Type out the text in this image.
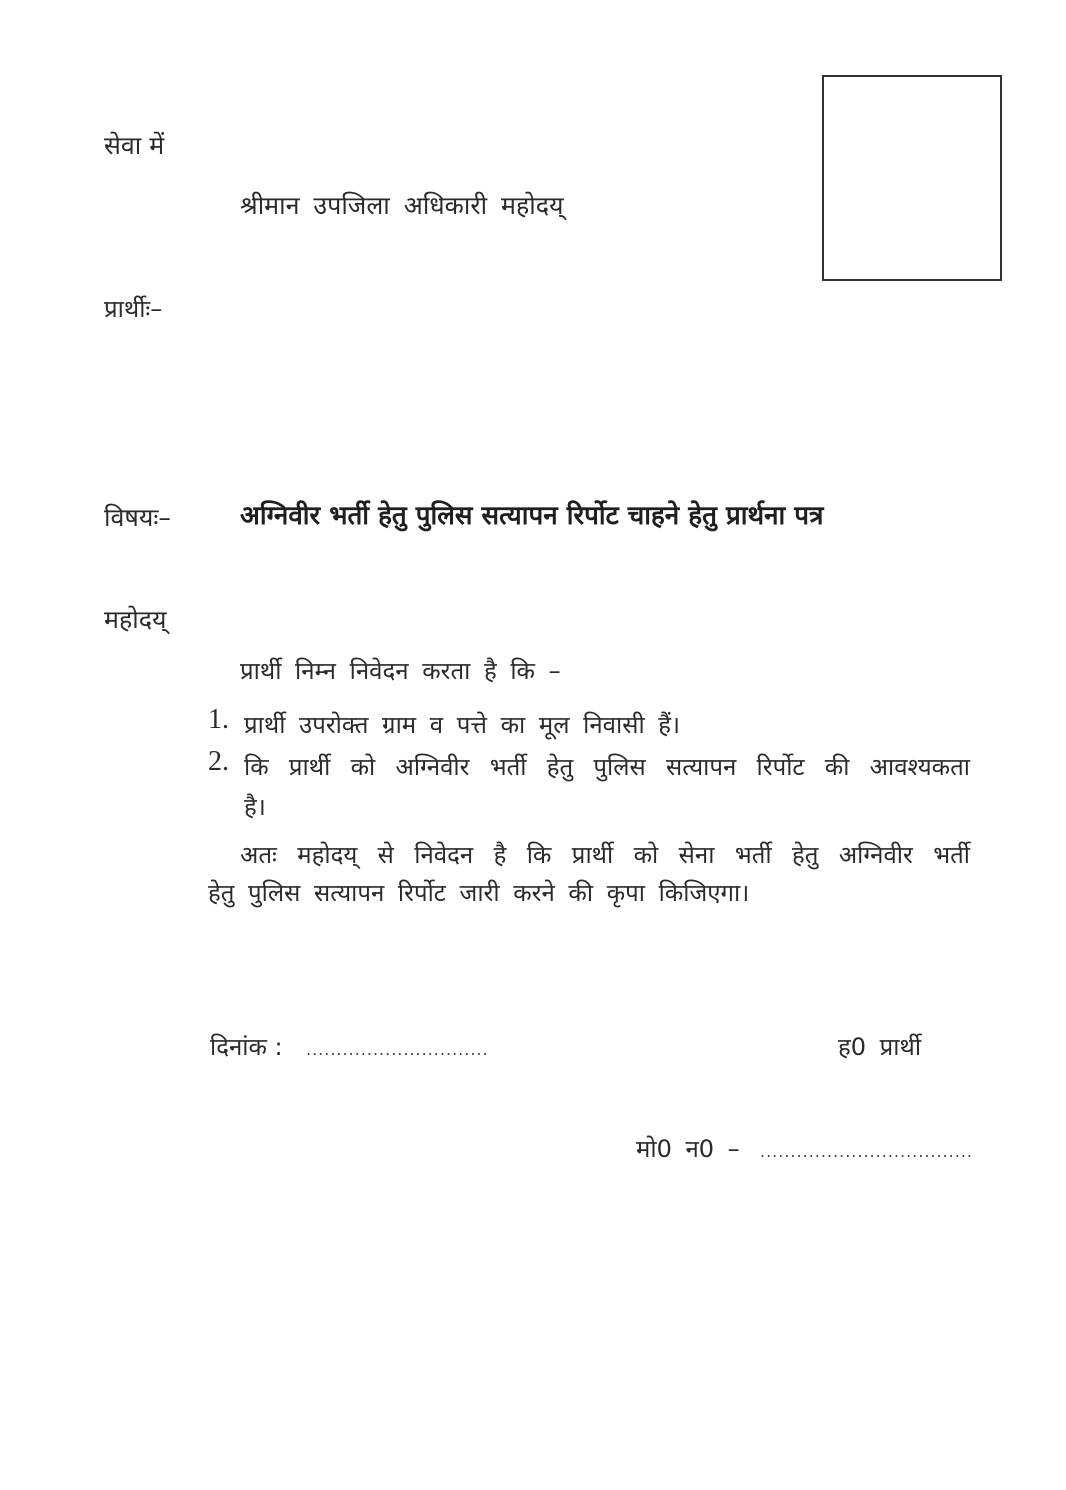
सेवा में
श्रीमान उपजिला अधिकारी महोदय्
प्रार्थीः–
विषयः–	अग्निवीर भर्ती हेतु पुलिस सत्यापन रिर्पोट चाहने हेतु प्रार्थना पत्र
महोदय्
प्रार्थी निम्न निवेदन करता है कि –
1. प्रार्थी उपरोक्त ग्राम व पत्ते का मूल निवासी हैं।
2. कि प्रार्थी को अग्निवीर भर्ती हेतु पुलिस सत्यापन रिर्पोट की आवश्यकता
है।
अतः महोदय् से निवेदन है कि प्रार्थी को सेना भर्ती हेतु अग्निवीर भर्ती
हेतु पुलिस सत्यापन रिर्पोट जारी करने की कृपा किजिएगा।
दिनांक : ..............................	ह0 प्रार्थी
मो0 न0 – ...................................
